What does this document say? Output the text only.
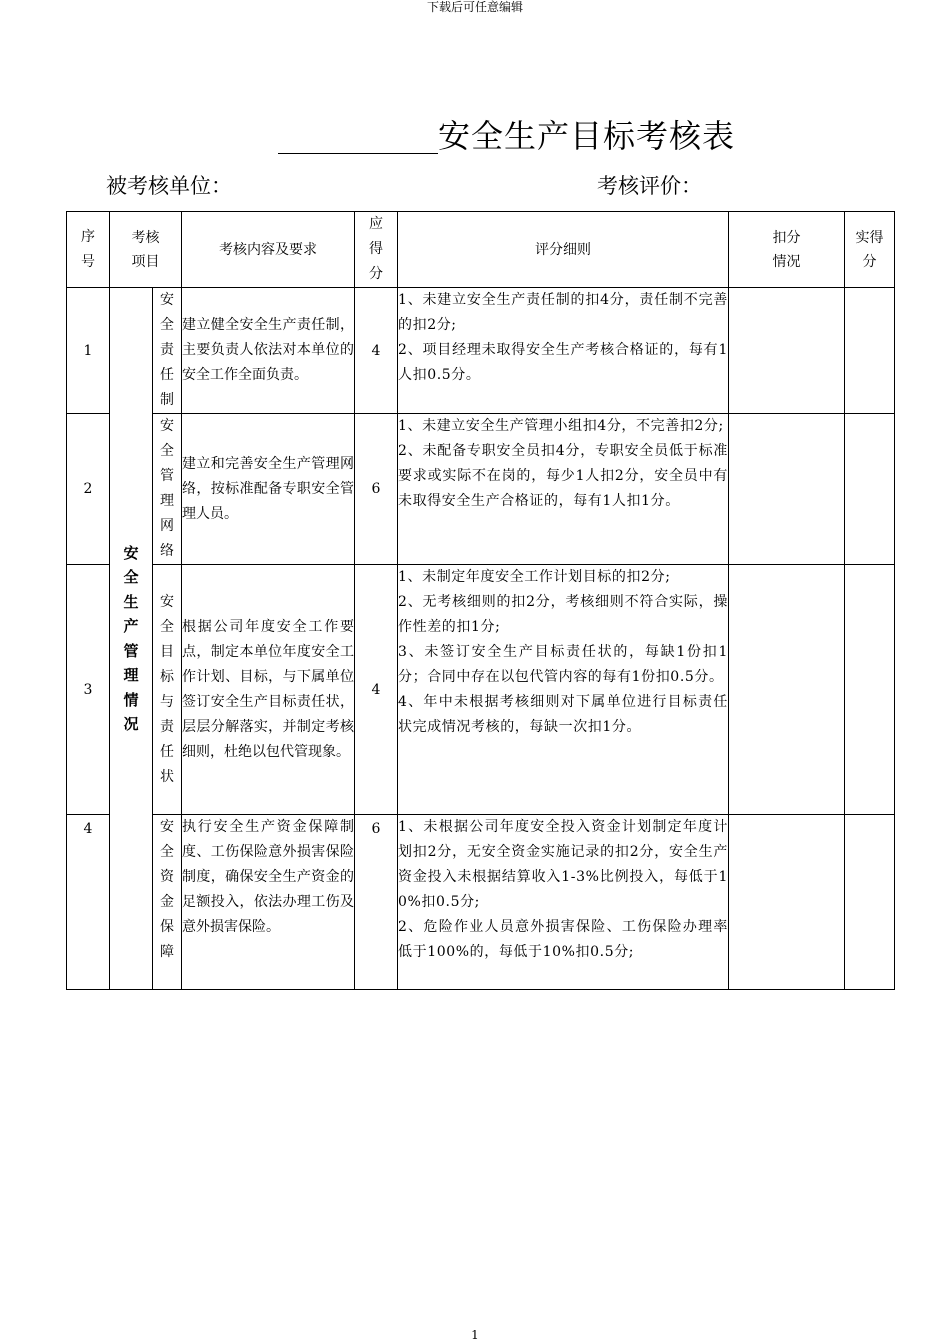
下载后可任意编辑
安全生产目标考核表
被考核单位：	考核评价：
序号	考核项目		考核内容及要求	应得分	评分细则	扣分情况	实得分

1	安全生产管理情况	安全责任制	建立健全安全生产责任制，主要负责人依法对本单位的安全工作全面负责。	4	1、未建立安全生产责任制的扣4分，责任制不完善的扣2分;

2、项目经理未取得安全生产考核合格证的，每有1人扣0.5分。		

2		安全管理网络	建立和完善安全生产管理网络，按标准配备专职安全管理人员。	6	1、未建立安全生产管理小组扣4分，不完善扣2分;

2、未配备专职安全员扣4分，专职安全员低于标准要求或实际不在岗的，每少1人扣2分，安全员中有未取得安全生产合格证的，每有1人扣1分。		

3		安全目标与责任状	根据公司年度安全工作要点，制定本单位年度安全工作计划、目标，与下属单位签订安全生产目标责任状，层层分解落实，并制定考核细则，杜绝以包代管现象。	4	1、未制定年度安全工作计划目标的扣2分;

2、无考核细则的扣2分，考核细则不符合实际，操作性差的扣1分;

3、未签订安全生产目标责任状的，每缺1份扣1分；合同中存在以包代管内容的每有1份扣0.5分。

4、年中未根据考核细则对下属单位进行目标责任状完成情况考核的，每缺一次扣1分。		

4		安全资金保障	执行安全生产资金保障制度、工伤保险意外损害保险制度，确保安全生产资金的足额投入，依法办理工伤及意外损害保险。	6	1、未根据公司年度安全投入资金计划制定年度计划扣2分，无安全资金实施记录的扣2分，安全生产资金投入未根据结算收入1-3%比例投入，每低于10%扣0.5分;

2、危险作业人员意外损害保险、工伤保险办理率低于100%的，每低于10%扣0.5分;		

1
